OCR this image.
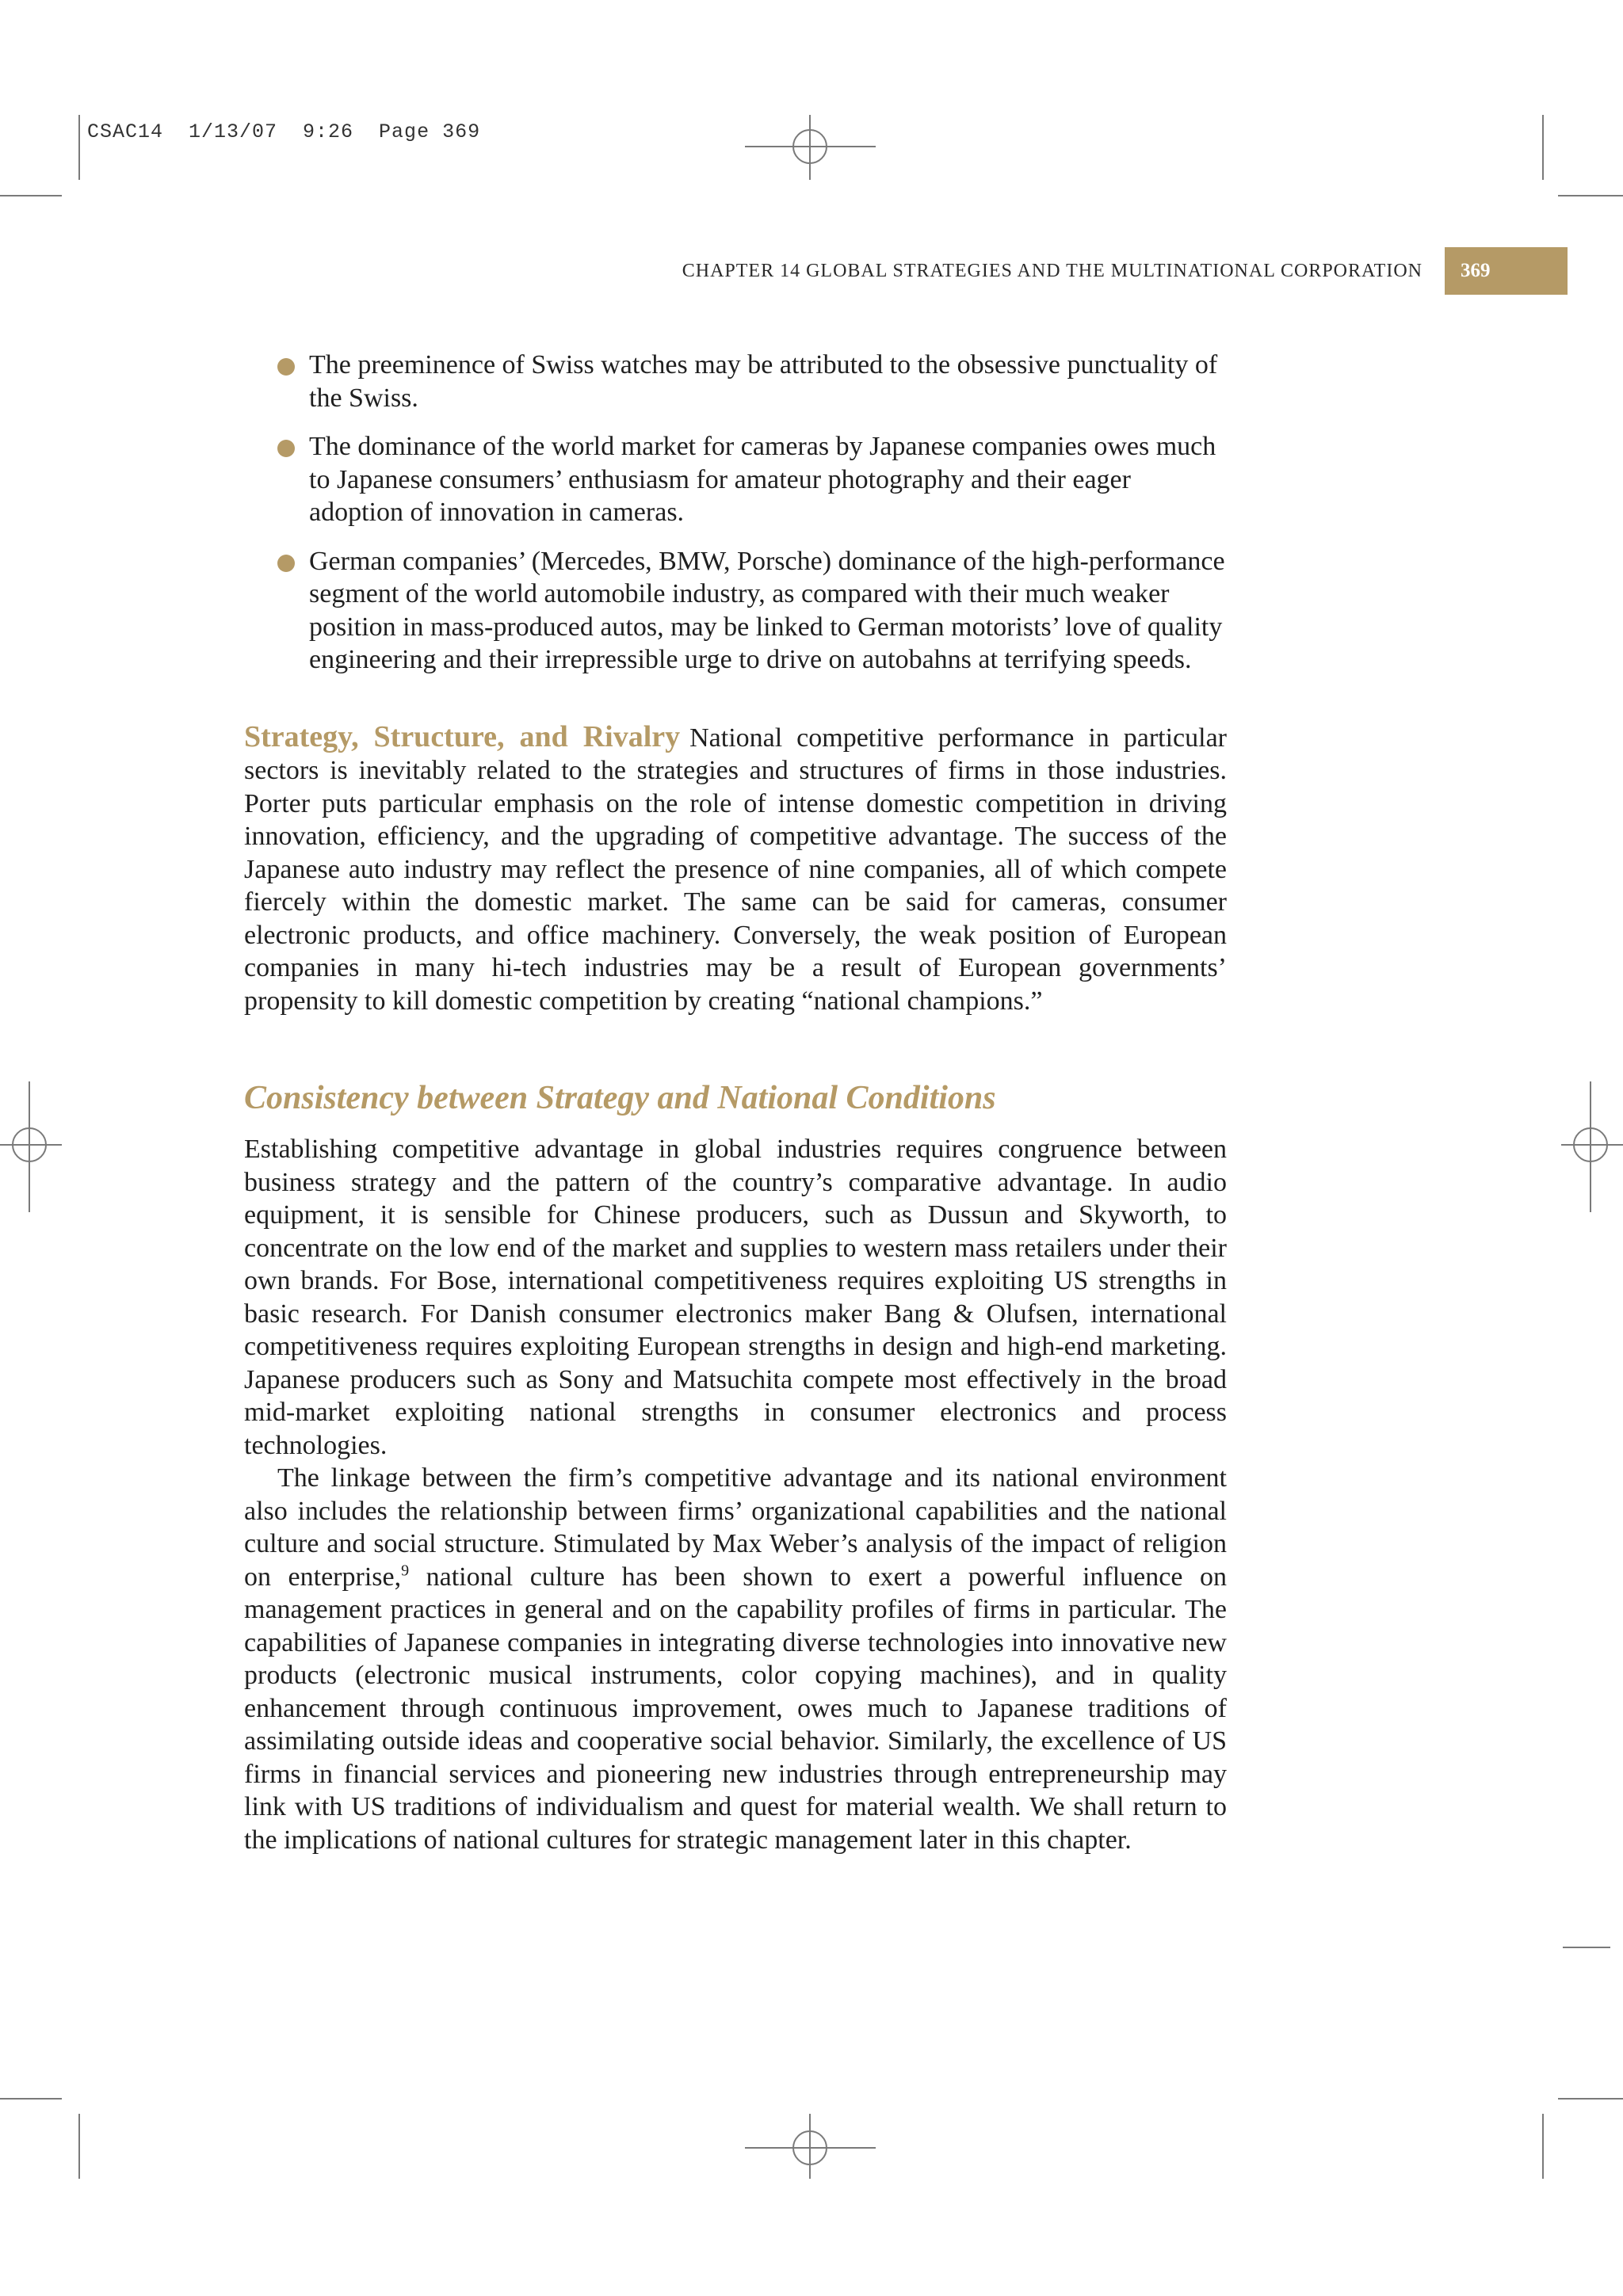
CSAC14  1/13/07  9:26  Page 369
CHAPTER 14 GLOBAL STRATEGIES AND THE MULTINATIONAL CORPORATION	369
The preeminence of Swiss watches may be attributed to the obsessive punctuality of the Swiss.
The dominance of the world market for cameras by Japanese companies owes much to Japanese consumers’ enthusiasm for amateur photography and their eager adoption of innovation in cameras.
German companies’ (Mercedes, BMW, Porsche) dominance of the high-performance segment of the world automobile industry, as compared with their much weaker position in mass-produced autos, may be linked to German motorists’ love of quality engineering and their irrepressible urge to drive on autobahns at terrifying speeds.

Strategy, Structure, and Rivalry National competitive performance in particular sectors is inevitably related to the strategies and structures of firms in those industries. Porter puts particular emphasis on the role of intense domestic competition in driving innovation, efficiency, and the upgrading of competitive advantage. The success of the Japanese auto industry may reflect the presence of nine companies, all of which compete fiercely within the domestic market. The same can be said for cameras, consumer electronic products, and office machinery. Conversely, the weak position of European companies in many hi-tech industries may be a result of European governments’ propensity to kill domestic competition by creating “national champions.”

Consistency between Strategy and National Conditions

Establishing competitive advantage in global industries requires congruence between business strategy and the pattern of the country’s comparative advantage. In audio equipment, it is sensible for Chinese producers, such as Dussun and Skyworth, to concentrate on the low end of the market and supplies to western mass retailers under their own brands. For Bose, international competitiveness requires exploiting US strengths in basic research. For Danish consumer electronics maker Bang & Olufsen, international competitiveness requires exploiting European strengths in design and high-end marketing. Japanese producers such as Sony and Matsuchita compete most effectively in the broad mid-market exploiting national strengths in consumer electronics and process technologies.

The linkage between the firm’s competitive advantage and its national environment also includes the relationship between firms’ organizational capabilities and the national culture and social structure. Stimulated by Max Weber’s analysis of the impact of religion on enterprise,$^9$ national culture has been shown to exert a powerful influence on management practices in general and on the capability profiles of firms in particular. The capabilities of Japanese companies in integrating diverse technologies into innovative new products (electronic musical instruments, color copying machines), and in quality enhancement through continuous improvement, owes much to Japanese traditions of assimilating outside ideas and cooperative social behavior. Similarly, the excellence of US firms in financial services and pioneering new industries through entrepreneurship may link with US traditions of individualism and quest for material wealth. We shall return to the implications of national cultures for strategic management later in this chapter.
